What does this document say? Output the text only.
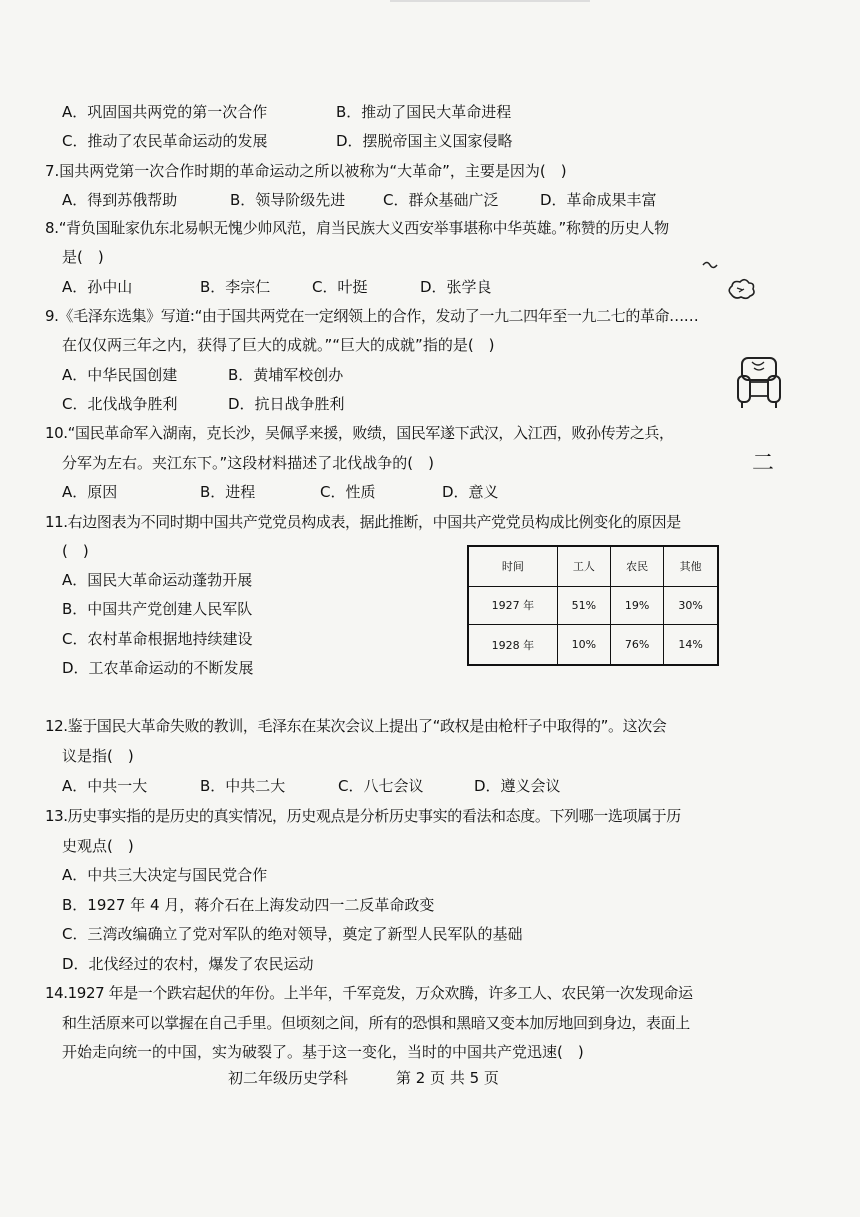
A．巩固国共两党的第一次合作	B．推动了国民大革命进程
C．推动了农民革命运动的发展	D．摆脱帝国主义国家侵略
7.国共两党第一次合作时期的革命运动之所以被称为“大革命”，主要是因为(　)
A．得到苏俄帮助	B．领导阶级先进	C．群众基础广泛	D．革命成果丰富
8.“背负国耻家仇东北易帜无愧少帅风范，肩当民族大义西安举事堪称中华英雄。”称赞的历史人物
是(　)
A．孙中山	B．李宗仁	C．叶挺	D．张学良
9.《毛泽东选集》写道:“由于国共两党在一定纲领上的合作，发动了一九二四年至一九二七的革命……
在仅仅两三年之内，获得了巨大的成就。”“巨大的成就”指的是(　)
A．中华民国创建	B．黄埔军校创办
C．北伐战争胜利	D．抗日战争胜利
10.“国民革命军入湖南，克长沙，吴佩孚来援，败绩，国民军遂下武汉，入江西，败孙传芳之兵，
分军为左右。夹江东下。”这段材料描述了北伐战争的(　)
A．原因	B．进程	C．性质	D．意义
11.右边图表为不同时期中国共产党党员构成表，据此推断，中国共产党党员构成比例变化的原因是
(　)
A．国民大革命运动蓬勃开展
B．中国共产党创建人民军队
C．农村革命根据地持续建设
D．工农革命运动的不断发展
时间	工人	农民	其他
1927 年	51%	19%	30%
1928 年	10%	76%	14%
12.鉴于国民大革命失败的教训，毛泽东在某次会议上提出了“政权是由枪杆子中取得的”。这次会
议是指(　)
A．中共一大	B．中共二大	C．八七会议	D．遵义会议
13.历史事实指的是历史的真实情况，历史观点是分析历史事实的看法和态度。下列哪一选项属于历
史观点(　)
A．中共三大决定与国民党合作
B．1927 年 4 月，蒋介石在上海发动四一二反革命政变
C．三湾改编确立了党对军队的绝对领导，奠定了新型人民军队的基础
D．北伐经过的农村，爆发了农民运动
14.1927 年是一个跌宕起伏的年份。上半年，千军竞发，万众欢腾，许多工人、农民第一次发现命运
和生活原来可以掌握在自己手里。但顷刻之间，所有的恐惧和黑暗又变本加厉地回到身边，表面上
开始走向统一的中国，实为破裂了。基于这一变化，当时的中国共产党迅速(　)
初二年级历史学科	第 2 页 共 5 页
二
